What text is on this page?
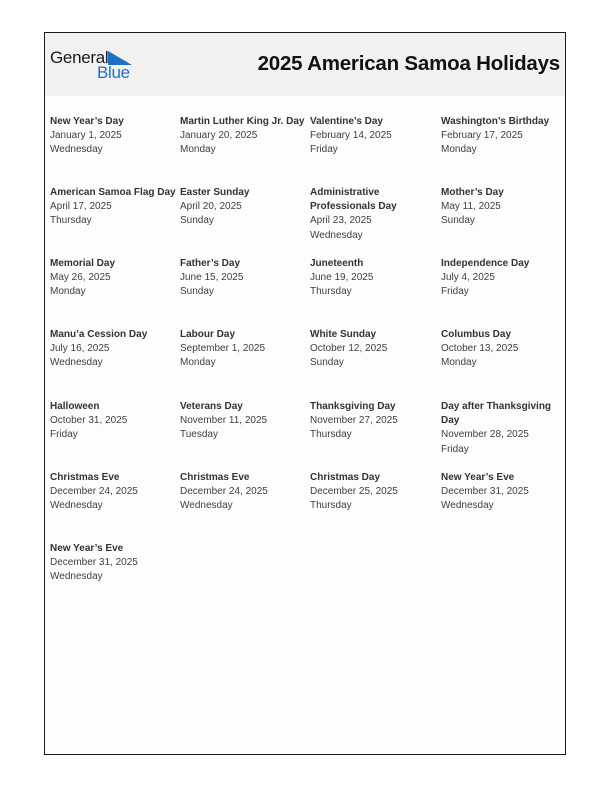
General
Blue	2025 American Samoa Holidays
New Year’s Day
January 1, 2025
Wednesday
Martin Luther King Jr. Day
January 20, 2025
Monday
Valentine’s Day
February 14, 2025
Friday
Washington’s Birthday
February 17, 2025
Monday
American Samoa Flag Day
April 17, 2025
Thursday
Easter Sunday
April 20, 2025
Sunday
Administrative Professionals Day
April 23, 2025
Wednesday
Mother’s Day
May 11, 2025
Sunday
Memorial Day
May 26, 2025
Monday
Father’s Day
June 15, 2025
Sunday
Juneteenth
June 19, 2025
Thursday
Independence Day
July 4, 2025
Friday
Manu’a Cession Day
July 16, 2025
Wednesday
Labour Day
September 1, 2025
Monday
White Sunday
October 12, 2025
Sunday
Columbus Day
October 13, 2025
Monday
Halloween
October 31, 2025
Friday
Veterans Day
November 11, 2025
Tuesday
Thanksgiving Day
November 27, 2025
Thursday
Day after Thanksgiving Day
November 28, 2025
Friday
Christmas Eve
December 24, 2025
Wednesday
Christmas Eve
December 24, 2025
Wednesday
Christmas Day
December 25, 2025
Thursday
New Year’s Eve
December 31, 2025
Wednesday
New Year’s Eve
December 31, 2025
Wednesday
